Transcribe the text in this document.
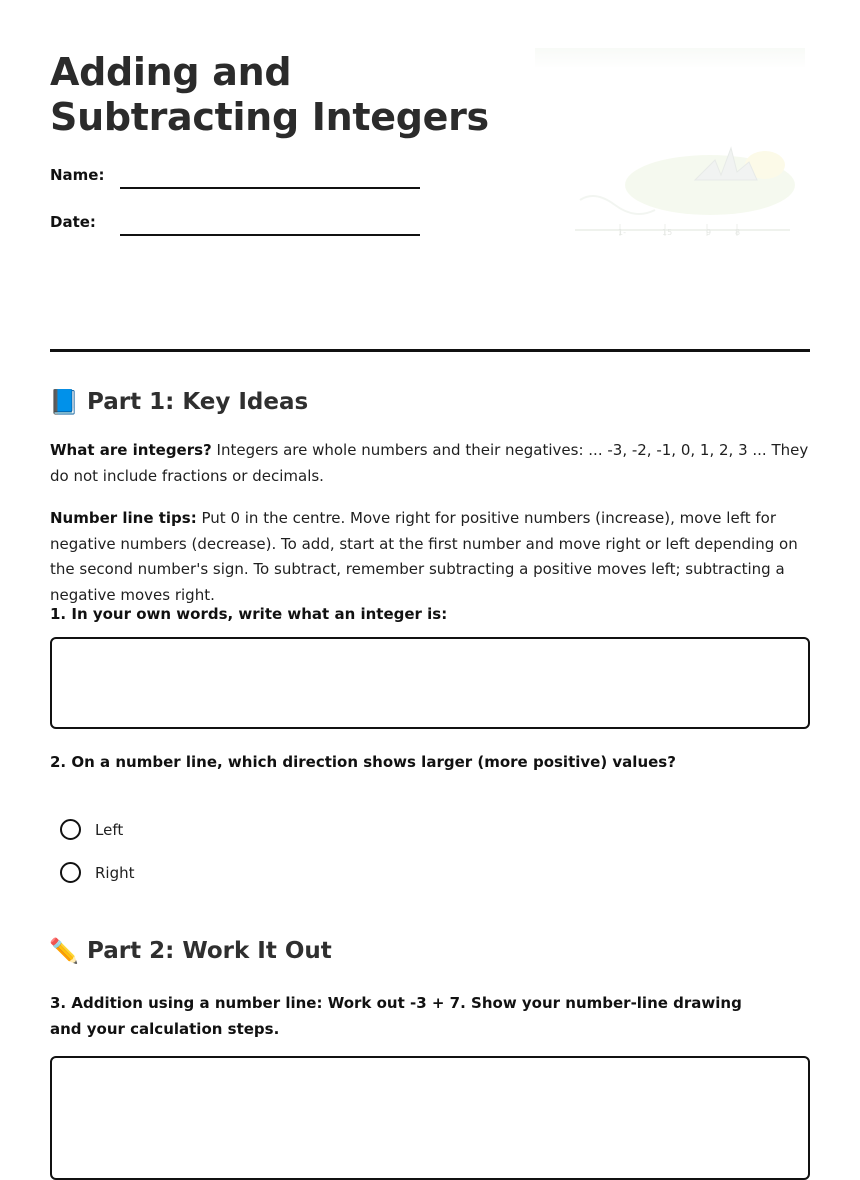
Adding and Subtracting Integers
Name:
Date:
1-	15	9	8
📘 Part 1: Key Ideas

What are integers? Integers are whole numbers and their negatives: ... -3, -2, -1, 0, 1, 2, 3 ... They do not include fractions or decimals.

Number line tips: Put 0 in the centre. Move right for positive numbers (increase), move left for negative numbers (decrease). To add, start at the first number and move right or left depending on the second number's sign. To subtract, remember subtracting a positive moves left; subtracting a negative moves right.

1. In your own words, write what an integer is:

2. On a number line, which direction shows larger (more positive) values?

Left
Right
✏️ Part 2: Work It Out

3. Addition using a number line: Work out -3 + 7. Show your number-line drawing and your calculation steps.
